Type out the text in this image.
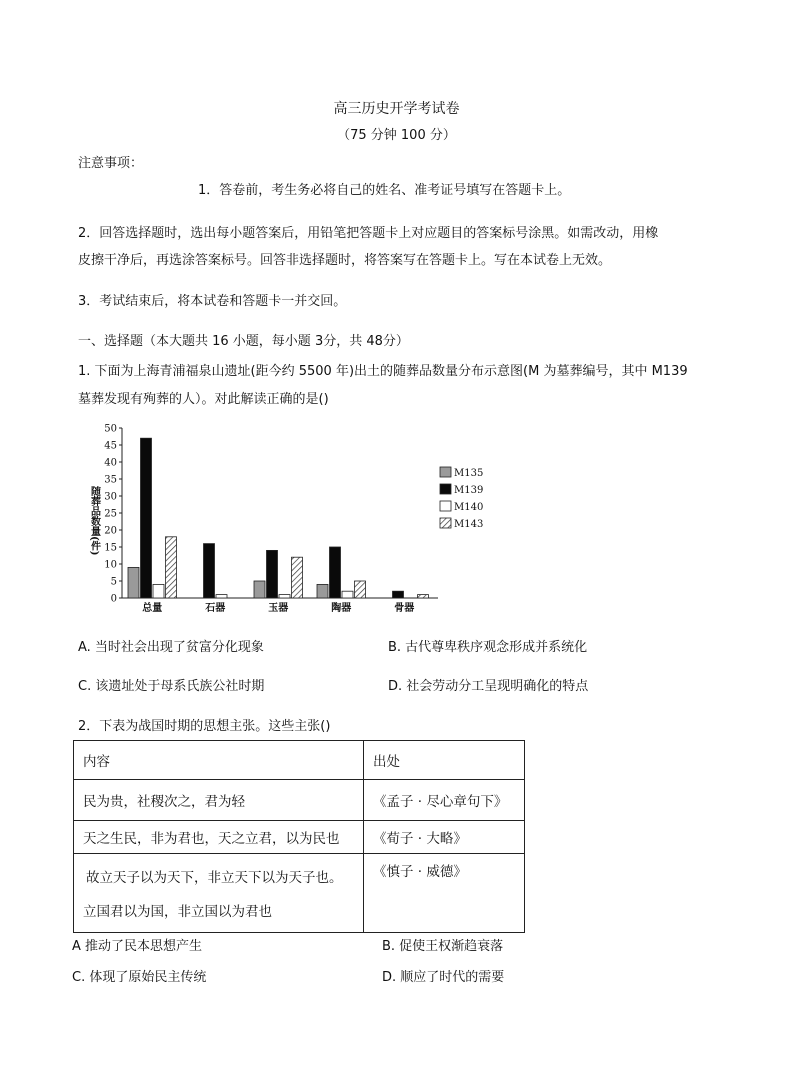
高三历史开学考试卷
（75 分钟 100 分）
注意事项：
1．答卷前，考生务必将自己的姓名、准考证号填写在答题卡上。
2．回答选择题时，选出每小题答案后，用铅笔把答题卡上对应题目的答案标号涂黑。如需改动，用橡
皮擦干净后，再选涂答案标号。回答非选择题时，将答案写在答题卡上。写在本试卷上无效。
3．考试结束后，将本试卷和答题卡一并交回。
一、选择题（本大题共 16 小题，每小题 3分，共 48分）
1. 下面为上海青浦福泉山遗址(距今约 5500 年)出土的随葬品数量分布示意图(M 为墓葬编号，其中 M139
墓葬发现有殉葬的人）。对此解读正确的是()
0
5
10
15
20
25
30
35
40
45
50
随葬品数量(件)
总量	石器	玉器	陶器	骨器
M135
M139
M140
M143
A. 当时社会出现了贫富分化现象	B. 古代尊卑秩序观念形成并系统化
C. 该遗址处于母系氏族公社时期	D. 社会劳动分工呈现明确化的特点
2．下表为战国时期的思想主张。这些主张()
内容	出处
民为贵，社稷次之，君为轻	《孟子 · 尽心章句下》
天之生民，非为君也，天之立君，以为民也	《荀子 · 大略》

故立天子以为天下，非立天下以为天子也。
立国君以为国，非立国以为君也	《慎子 · 威德》
A 推动了民本思想产生	B. 促使王权渐趋衰落
C. 体现了原始民主传统	D. 顺应了时代的需要
